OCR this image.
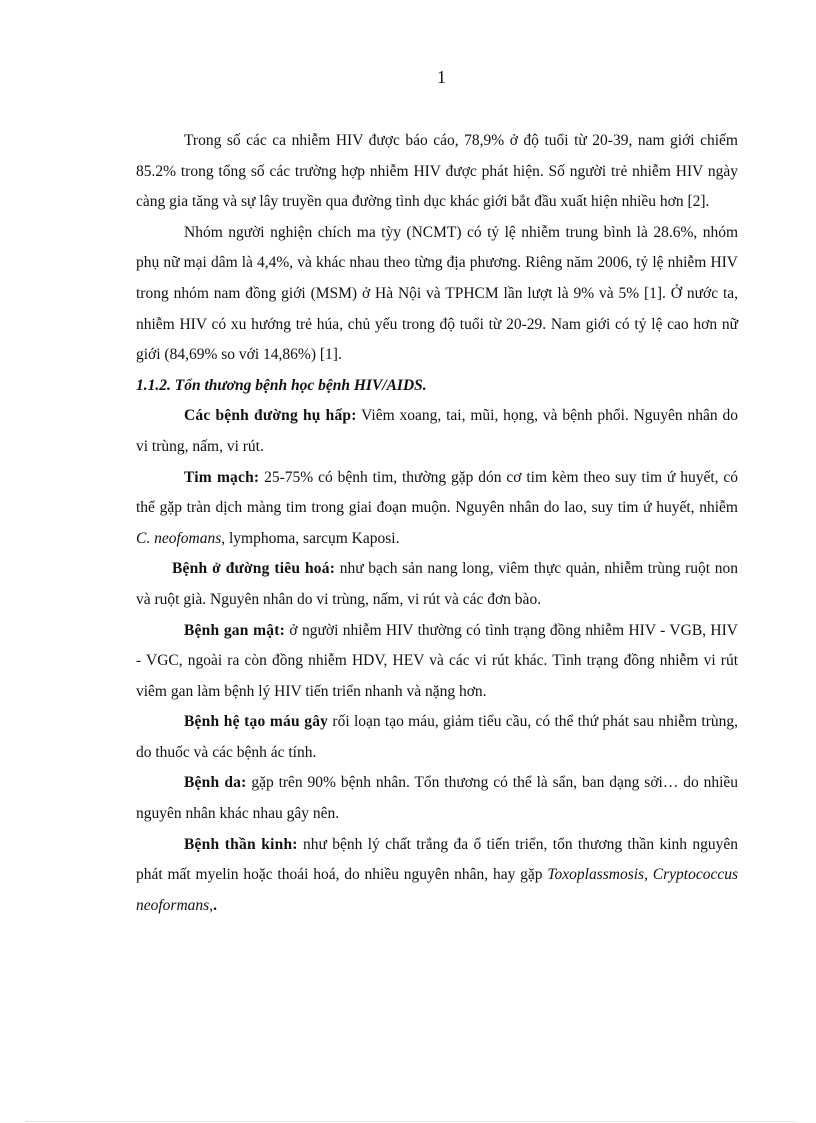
1

Trong số các ca nhiễm HIV được báo cáo, 78,9% ở độ tuổi từ 20-39, nam giới chiếm 85.2% trong tổng số các trường hợp nhiễm HIV được phát hiện. Số người trẻ nhiễm HIV ngày càng gia tăng và sự lây truyền qua đường tình dục khác giới bắt đầu xuất hiện nhiều hơn [2].

Nhóm người nghiện chích ma tỳy (NCMT) có tỷ lệ nhiễm trung bình là 28.6%, nhóm phụ nữ mại dâm là 4,4%, và khác nhau theo từng địa phương. Riêng năm 2006, tỷ lệ nhiễm HIV trong nhóm nam đồng giới (MSM) ở Hà Nội và TPHCM lần lượt là 9% và 5% [1]. Ở nước ta, nhiễm HIV có xu hướng trẻ húa, chủ yếu trong độ tuổi từ 20-29. Nam giới có tỷ lệ cao hơn nữ giới (84,69% so với 14,86%) [1].

1.1.2. Tổn thương bệnh học bệnh HIV/AIDS.

Các bệnh đường hụ hấp: Viêm xoang, tai, mũi, họng, và bệnh phổi. Nguyên nhân do vi trùng, nấm, vi rút.

Tim mạch: 25-75% có bệnh tim, thường gặp dón cơ tim kèm theo suy tim ứ huyết, có thể gặp tràn dịch màng tim trong giai đoạn muộn. Nguyên nhân do lao, suy tim ứ huyết, nhiễm C. neofomans, lymphoma, sarcụm Kaposi.

Bệnh ở đường tiêu hoá: như bạch sản nang long, viêm thực quản, nhiễm trùng ruột non và ruột già. Nguyên nhân do vi trùng, nấm, vi rút và các đơn bào.

Bệnh gan mật: ở người nhiễm HIV thường có tình trạng đồng nhiễm HIV - VGB, HIV - VGC, ngoài ra còn đồng nhiễm HDV, HEV và các vi rút khác. Tình trạng đồng nhiễm vi rút viêm gan làm bệnh lý HIV tiến triển nhanh và nặng hơn.

Bệnh hệ tạo máu gây rối loạn tạo máu, giảm tiểu cầu, có thể thứ phát sau nhiễm trùng, do thuốc và các bệnh ác tính.

Bệnh da: gặp trên 90% bệnh nhân. Tổn thương có thể là sẩn, ban dạng sởi… do nhiều nguyên nhân khác nhau gây nên.

Bệnh thần kinh: như bệnh lý chất trắng đa ổ tiến triển, tổn thương thần kinh nguyên phát mất myelin hoặc thoái hoá, do nhiều nguyên nhân, hay gặp Toxoplassmosis, Cryptococcus neoformans,.
